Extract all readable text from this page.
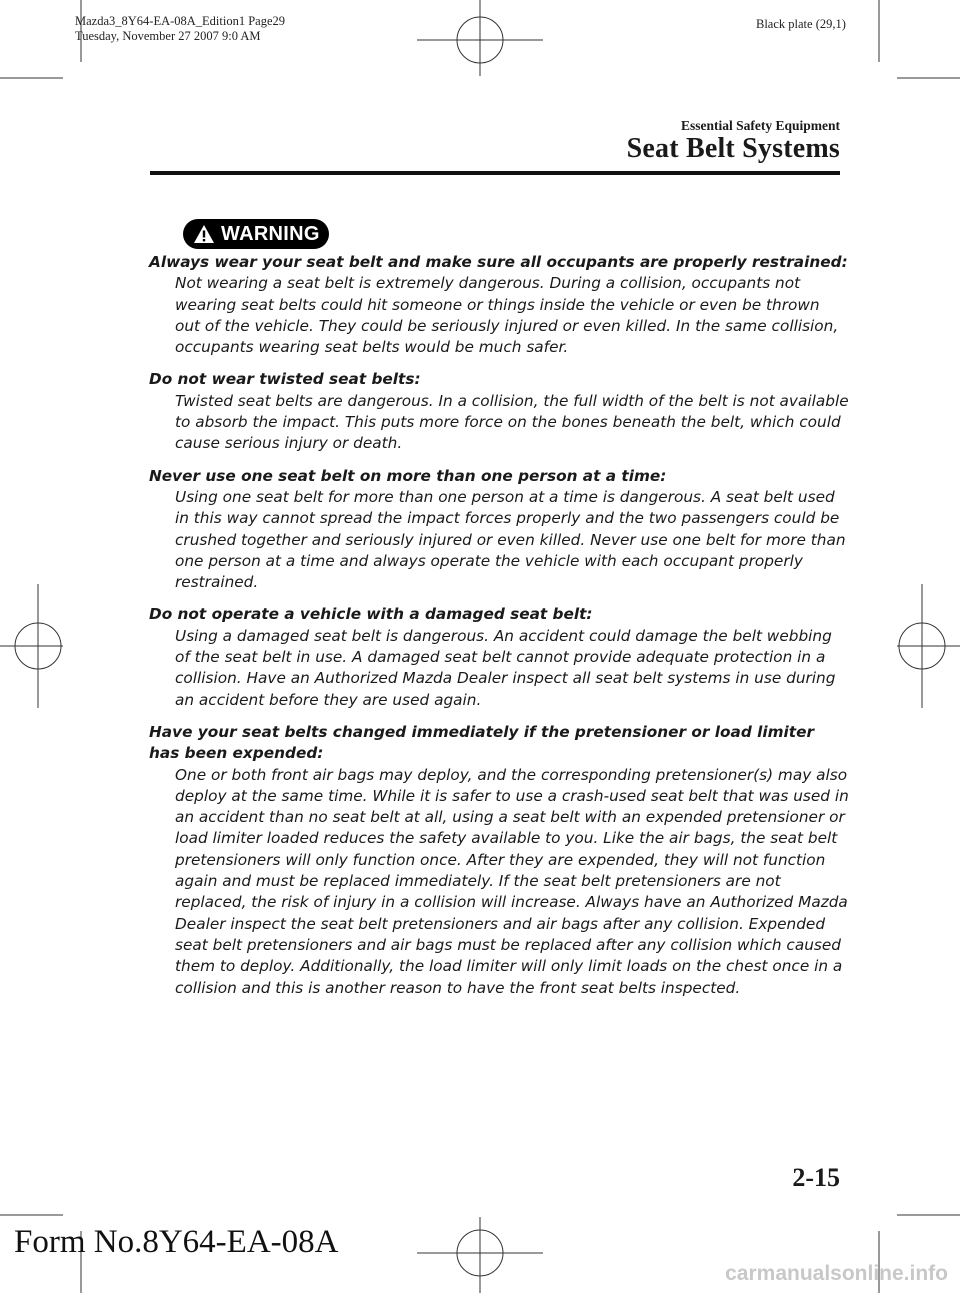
Mazda3_8Y64-EA-08A_Edition1 Page29
Tuesday, November 27 2007 9:0 AM
Black plate (29,1)
Essential Safety Equipment
Seat Belt Systems
WARNING
Always wear your seat belt and make sure all occupants are properly restrained:

Not wearing a seat belt is extremely dangerous. During a collision, occupants not wearing seat belts could hit someone or things inside the vehicle or even be thrown out of the vehicle. They could be seriously injured or even killed. In the same collision, occupants wearing seat belts would be much safer.

Do not wear twisted seat belts:

Twisted seat belts are dangerous. In a collision, the full width of the belt is not available to absorb the impact. This puts more force on the bones beneath the belt, which could cause serious injury or death.

Never use one seat belt on more than one person at a time:

Using one seat belt for more than one person at a time is dangerous. A seat belt used in this way cannot spread the impact forces properly and the two passengers could be crushed together and seriously injured or even killed. Never use one belt for more than one person at a time and always operate the vehicle with each occupant properly restrained.

Do not operate a vehicle with a damaged seat belt:

Using a damaged seat belt is dangerous. An accident could damage the belt webbing of the seat belt in use. A damaged seat belt cannot provide adequate protection in a collision. Have an Authorized Mazda Dealer inspect all seat belt systems in use during an accident before they are used again.

Have your seat belts changed immediately if the pretensioner or load limiter has been expended:

One or both front air bags may deploy, and the corresponding pretensioner(s) may also deploy at the same time. While it is safer to use a crash-used seat belt that was used in an accident than no seat belt at all, using a seat belt with an expended pretensioner or load limiter loaded reduces the safety available to you. Like the air bags, the seat belt pretensioners will only function once. After they are expended, they will not function again and must be replaced immediately. If the seat belt pretensioners are not replaced, the risk of injury in a collision will increase. Always have an Authorized Mazda Dealer inspect the seat belt pretensioners and air bags after any collision. Expended seat belt pretensioners and air bags must be replaced after any collision which caused them to deploy. Additionally, the load limiter will only limit loads on the chest once in a collision and this is another reason to have the front seat belts inspected.

2-15
Form No.8Y64-EA-08A
carmanualsonline.info
